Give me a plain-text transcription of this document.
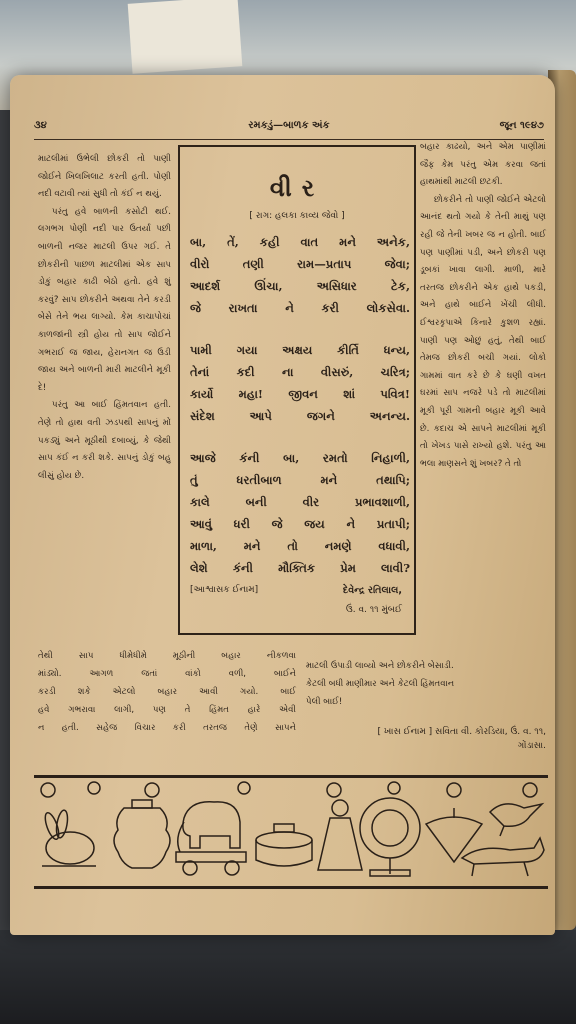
૩૪	રમકડું—બાળક અંક	જૂન ૧૯૪૭

માટલીમાં ઉભેલી છોકરી તો પાણી જોઈને ખિલખિલાટ કરતી હતી. પોણી નદી વટાવી ત્યાં સુધી તો કંઈ ન થયું.

પરંતુ હવે બાળની કસોટી થઈ. લગભગ પોણી નદી પાર ઉતર્યા પછી બાળની નજર માટલી ઉપર ગઈ. તે છોકરીની પાછળ માટલીમાં એક સાપ ડોકું બહાર કાઢી બેઠો હતો. હવે શું કરવું? સાપ છોકરીને અથવા તેને કરડી બેસે તેને ભય લાગ્યો. કેમ કાચાપોચાં કાળજાંની સ્ત્રી હોય તો સાપ જોઈને ગભરાઈ જ જાય, હેરાનગત જ ઉડી જાય અને બાળની મારી માટલીને મૂકી દે!

પરંતુ આ બાઈ હિંમતવાન હતી. તેણે તો હાથ વતી ઝડપથી સાપનું મોં પકડ્યું અને મૂઠીથી દબાવ્યું, કે જેથી સાપ કંઈ ન કરી શકે. સાપનું ડોકું બહુ લીસું હોય છે.

વીર
[ રાગ: હલકા કાવ્ય જેવો ]
બા, તેં, કહી વાત મને અનેક,
વીરો તણી રામ—પ્રતાપ જેવા;
આદર્શ ઊંચા, અસિધાર ટેક,
જે રાખતા ને કરી લોકસેવા.
પામી ગયા અક્ષય કીર્તિ ધન્ય,
તેનાં કદી ના વીસરું, ચરિત્ર;
કાર્યો મહા! જીવન શાં પવિત્ર!
સંદેશ આપે જગને અનન્ય.
આજે કંની બા, રમતો નિહાળી,
તું ધરતીબાળ મને તથાપિ;
કાલે બની વીર પ્રભાવશાળી,
આવું ધરી જે જય ને પ્રતાપી;
માળા, મને તો નમણે વધાવી,
લેશે કંની મૌક્તિક પ્રેમ લાવી?
[આશ્વાસક ઈનામ]	દેવેન્દ્ર રતિલાલ,
ઉં. વ. ૧૧ મુંબઈ

બહાર કાઢયો, અને એમ પાણીમાં જૈફ કેમ પરંતુ એમ કરવા જતાં હાથમાંથી માટલી છટકી.

છોકરીને તો પાણી જોઈને એટલો આનંદ થતો ગયો કે તેની માથું પણ રહી જે તેની ખબર જ ન હોતી. બાઈ પણ પાણીમાં પડી, અને છોકરી પણ ડૂબકાં ખાવા લાગી. માળી, મારે તરતજ છોકરીને એક હાથે પકડી, અને હાથે બાઈને ખેંચી લીધી. ઈશ્વરકૃપાએ કિનારે કુશળ રહ્યાં. પાણી પણ ઓછું હતું, તેથી બાઈ તેમજ છોકરી બચી ગયાં. લોકો ગામમાં વાત કરે છે કે ઘણી વખત ઘરમાં સાપ નજરે પડે તો માટલીમાં મૂકી પૂરી ગામની બહાર મૂકી આવે છે. કદાચ એ સાપને માટલીમાં મૂકી તો ખેખડ પાસે રાખ્યો હશે. પરંતુ આ ભલા માણસને શું ખબર? તે તો

તેથી સાપ ધીમેધીમે મૂઠીની બહાર નીકળવા
માંડ્યો. આગળ જતાં વાંકો વળી, બાઈને
કરડી શકે એટલો બહાર આવી ગયો. બાઈ
હવે ગભરાવા લાગી, પણ તે હિંમત હારે એવી
ન હતી. સહેજ વિચાર કરી તરતજ તેણે સાપને
માટલી ઉપાડી લાવ્યો અને છોકરીને બેસાડી.
કેટલી બધી માણીમાર અને કેટલી હિંમતવાન
પેલી બાઈ!
[ ખાસ ઈનામ ] સવિતા વી. કોરડિયા, ઉં. વ. ૧૧,
ગોંડાસા.
